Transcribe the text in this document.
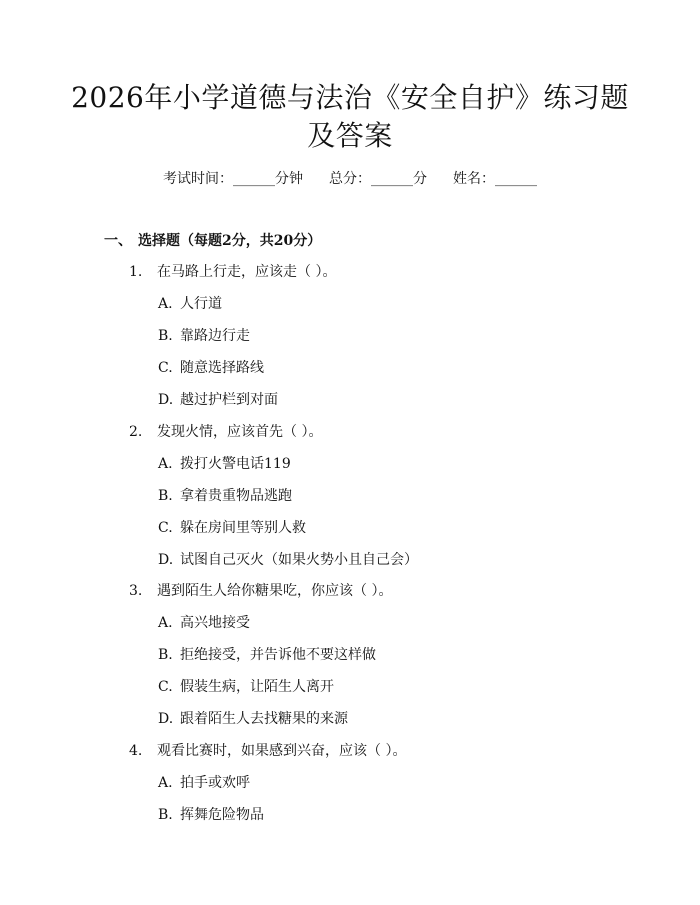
2026年小学道德与法治《安全自护》练习题
及答案
考试时间：______分钟 总分：______分 姓名：______
一、 选择题（每题2分，共20分）
1. 在马路上行走，应该走（ ）。
A. 人行道
B. 靠路边行走
C. 随意选择路线
D. 越过护栏到对面
2. 发现火情，应该首先（ ）。
A. 拨打火警电话119
B. 拿着贵重物品逃跑
C. 躲在房间里等别人救
D. 试图自己灭火（如果火势小且自己会）
3. 遇到陌生人给你糖果吃，你应该（ ）。
A. 高兴地接受
B. 拒绝接受，并告诉他不要这样做
C. 假装生病，让陌生人离开
D. 跟着陌生人去找糖果的来源
4. 观看比赛时，如果感到兴奋，应该（ ）。
A. 拍手或欢呼
B. 挥舞危险物品
